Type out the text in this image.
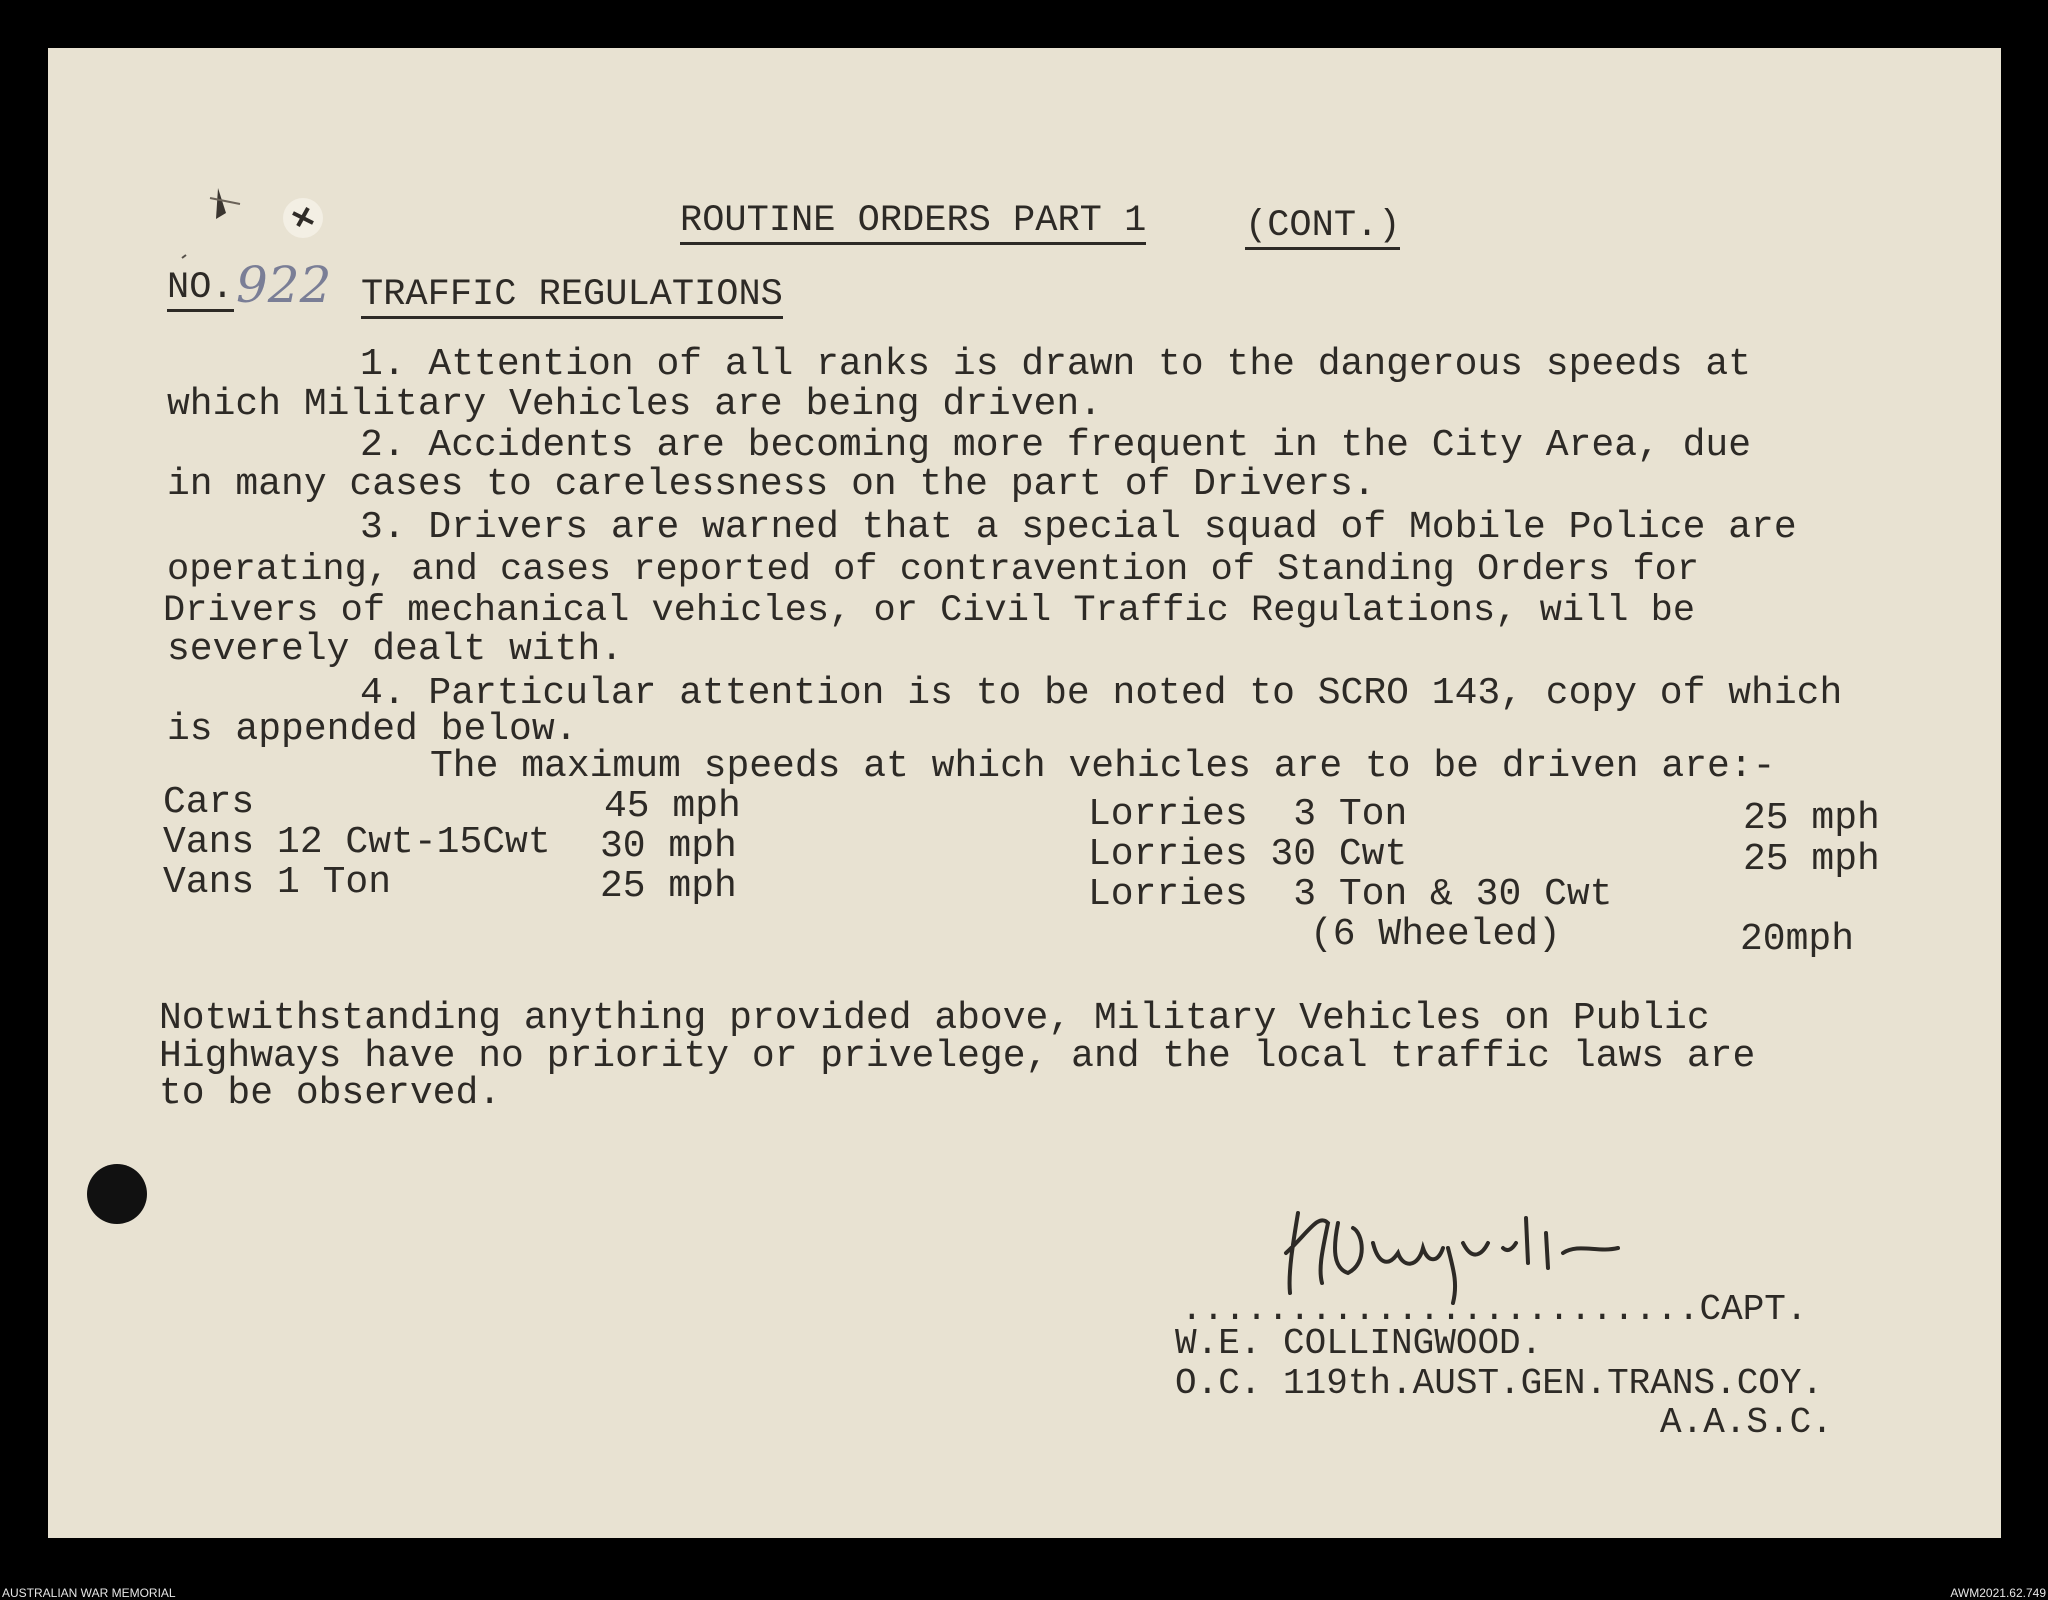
ROUTINE ORDERS PART 1	(CONT.)
NO. 922 TRAFFIC REGULATIONS
1. Attention of all ranks is drawn to the dangerous speeds at
which Military Vehicles are being driven.
2. Accidents are becoming more frequent in the City Area, due
in many cases to carelessness on the part of Drivers.
3. Drivers are warned that a special squad of Mobile Police are
operating, and cases reported of contravention of Standing Orders for
Drivers of mechanical vehicles, or Civil Traffic Regulations, will be
severely dealt with.
4. Particular attention is to be noted to SCRO 143, copy of which
is appended below.
The maximum speeds at which vehicles are to be driven are:-
Cars	45 mph
Vans 12 Cwt-15Cwt 30 mph
Vans 1 Ton	25 mph
Lorries  3 Ton	25 mph
Lorries 30 Cwt	25 mph
Lorries  3 Ton & 30 Cwt
(6 Wheeled)	20mph
Notwithstanding anything provided above, Military Vehicles on Public
Highways have no priority or privelege, and the local traffic laws are
to be observed.
........................CAPT.
W.E. COLLINGWOOD.
O.C. 119th.AUST.GEN.TRANS.COY.
A.A.S.C.
AUSTRALIAN WAR MEMORIAL	AWM2021.62.749
